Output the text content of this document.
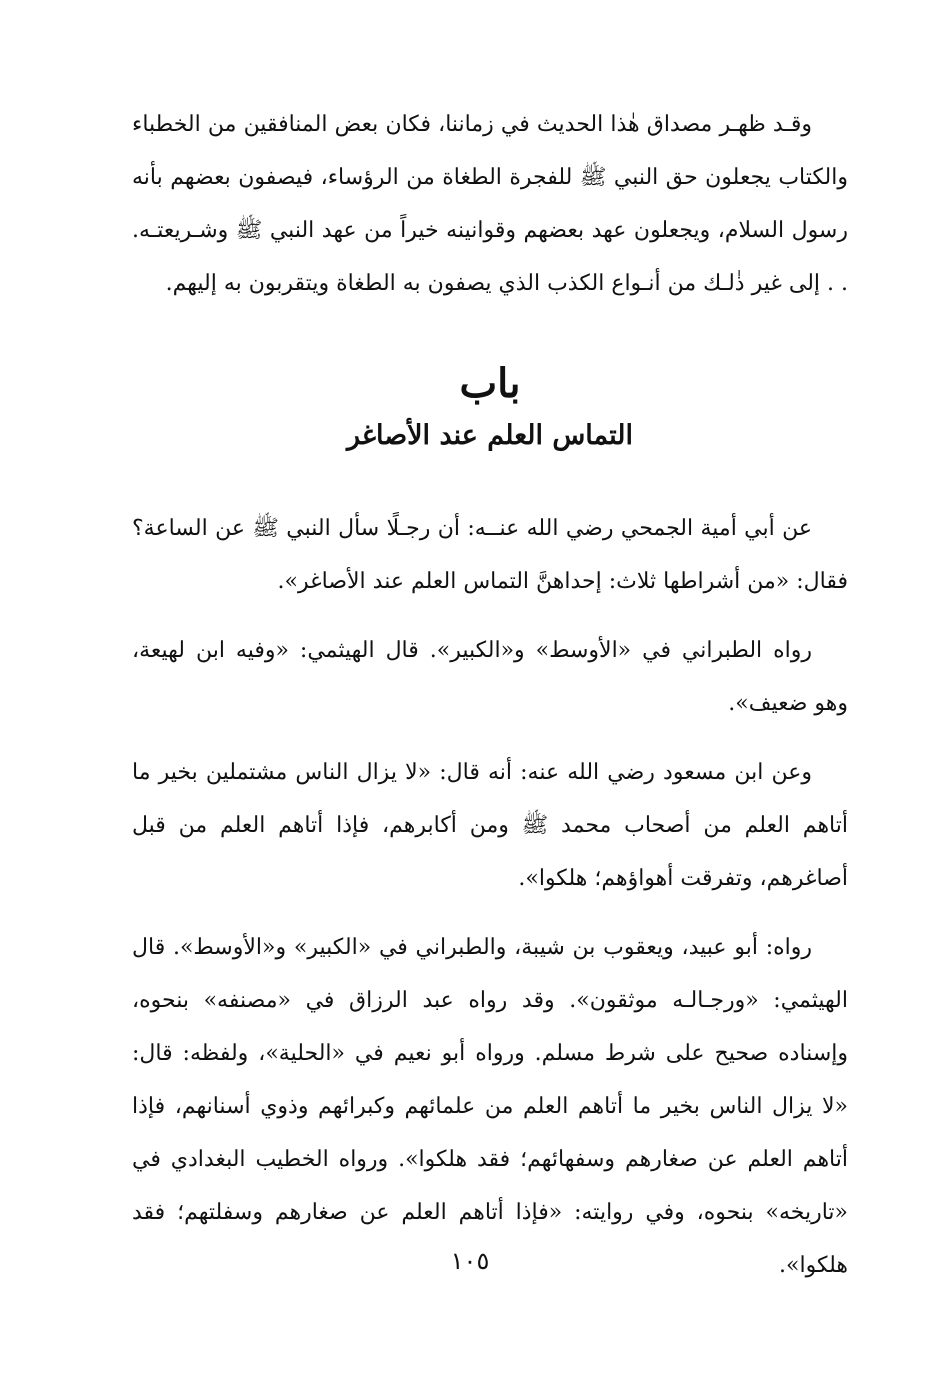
وقـد ظهـر مصداق هٰذا الحديث في زماننا، فكان بعض المنافقين من الخطباء والكتاب يجعلون حق النبي ﷺ للفجرة الطغاة من الرؤساء، فيصفون بعضهم بأنه رسول السلام، ويجعلون عهد بعضهم وقوانينه خيراً من عهد النبي ﷺ وشـريعتـه. . . إلى غير ذٰلـك من أنـواع الكذب الذي يصفون به الطغاة ويتقربون به إليهم.

باب
التماس العلم عند الأصاغر

عن أبي أمية الجمحي رضي الله عنــه: أن رجـلًا سأل النبي ﷺ عن الساعة؟ فقال: «من أشراطها ثلاث: إحداهنَّ التماس العلم عند الأصاغر».

رواه الطبراني في «الأوسط» و«الكبير». قال الهيثمي: «وفيه ابن لهيعة، وهو ضعيف».

وعن ابن مسعود رضي الله عنه: أنه قال: «لا يزال الناس مشتملين بخير ما أتاهم العلم من أصحاب محمد ﷺ ومن أكابرهم، فإذا أتاهم العلم من قبل أصاغرهم، وتفرقت أهواؤهم؛ هلكوا».

رواه: أبو عبيد، ويعقوب بن شيبة، والطبراني في «الكبير» و«الأوسط». قال الهيثمي: «ورجـالـه موثقون». وقد رواه عبد الرزاق في «مصنفه» بنحوه، وإسناده صحيح على شرط مسلم. ورواه أبو نعيم في «الحلية»، ولفظه: قال: «لا يزال الناس بخير ما أتاهم العلم من علمائهم وكبرائهم وذوي أسنانهم، فإذا أتاهم العلم عن صغارهم وسفهائهم؛ فقد هلكوا». ورواه الخطيب البغدادي في «تاريخه» بنحوه، وفي روايته: «فإذا أتاهم العلم عن صغارهم وسفلتهم؛ فقد هلكوا».

١٠٥
